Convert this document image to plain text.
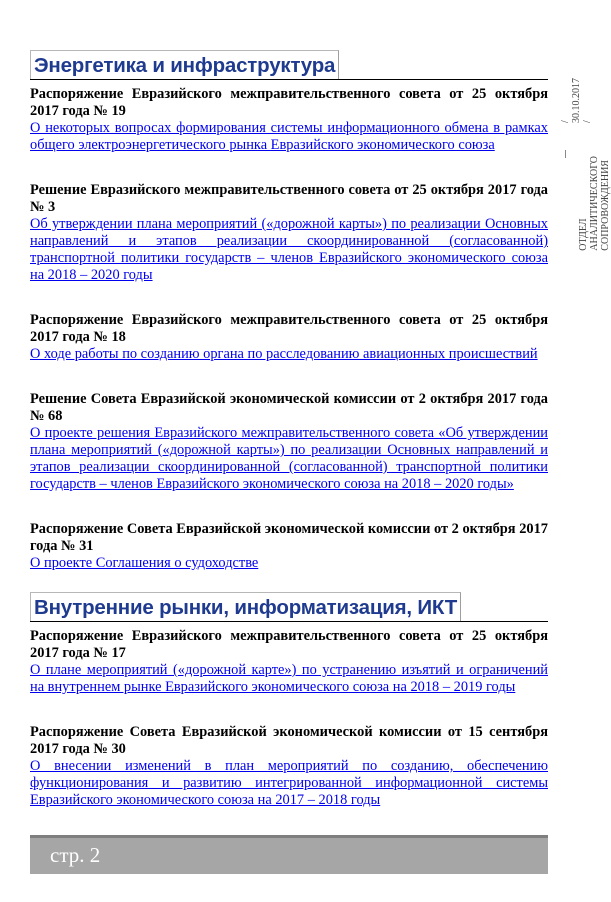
Энергетика и инфраструктура
Распоряжение Евразийского межправительственного совета от 25 октября 2017 года № 19
О некоторых вопросах формирования системы информационного обмена в рамках общего электроэнергетического рынка Евразийского экономического союза
Решение Евразийского межправительственного совета от 25 октября 2017 года № 3
Об утверждении плана мероприятий («дорожной карты») по реализации Основных направлений и этапов реализации скоординированной (согласованной) транспортной политики государств – членов Евразийского экономического союза на 2018 – 2020 годы
Распоряжение Евразийского межправительственного совета от 25 октября 2017 года № 18
О ходе работы по созданию органа по расследованию авиационных происшествий
Решение Совета Евразийской экономической комиссии от 2 октября 2017 года № 68
О проекте решения Евразийского межправительственного совета «Об утверждении плана мероприятий («дорожной карты») по реализации Основных направлений и этапов реализации скоординированной (согласованной) транспортной политики государств – членов Евразийского экономического союза на 2018 – 2020 годы»
Распоряжение Совета Евразийской экономической комиссии от 2 октября 2017 года № 31
О проекте Соглашения о судоходстве
Внутренние рынки, информатизация, ИКТ
Распоряжение Евразийского межправительственного совета от 25 октября 2017 года № 17
О плане мероприятий («дорожной карте») по устранению изъятий и ограничений на внутреннем рынке Евразийского экономического союза на 2018 – 2019 годы
Распоряжение Совета Евразийской экономической комиссии от 15 сентября 2017 года № 30
О внесении изменений в план мероприятий по созданию, обеспечению функционирования и развитию интегрированной информационной системы Евразийского экономического союза на 2017 – 2018 годы
/ 30.10.2017 /
ОТДЕЛ
АНАЛИТИЧЕСКОГО
СОПРОВОЖДЕНИЯ
стр. 2
